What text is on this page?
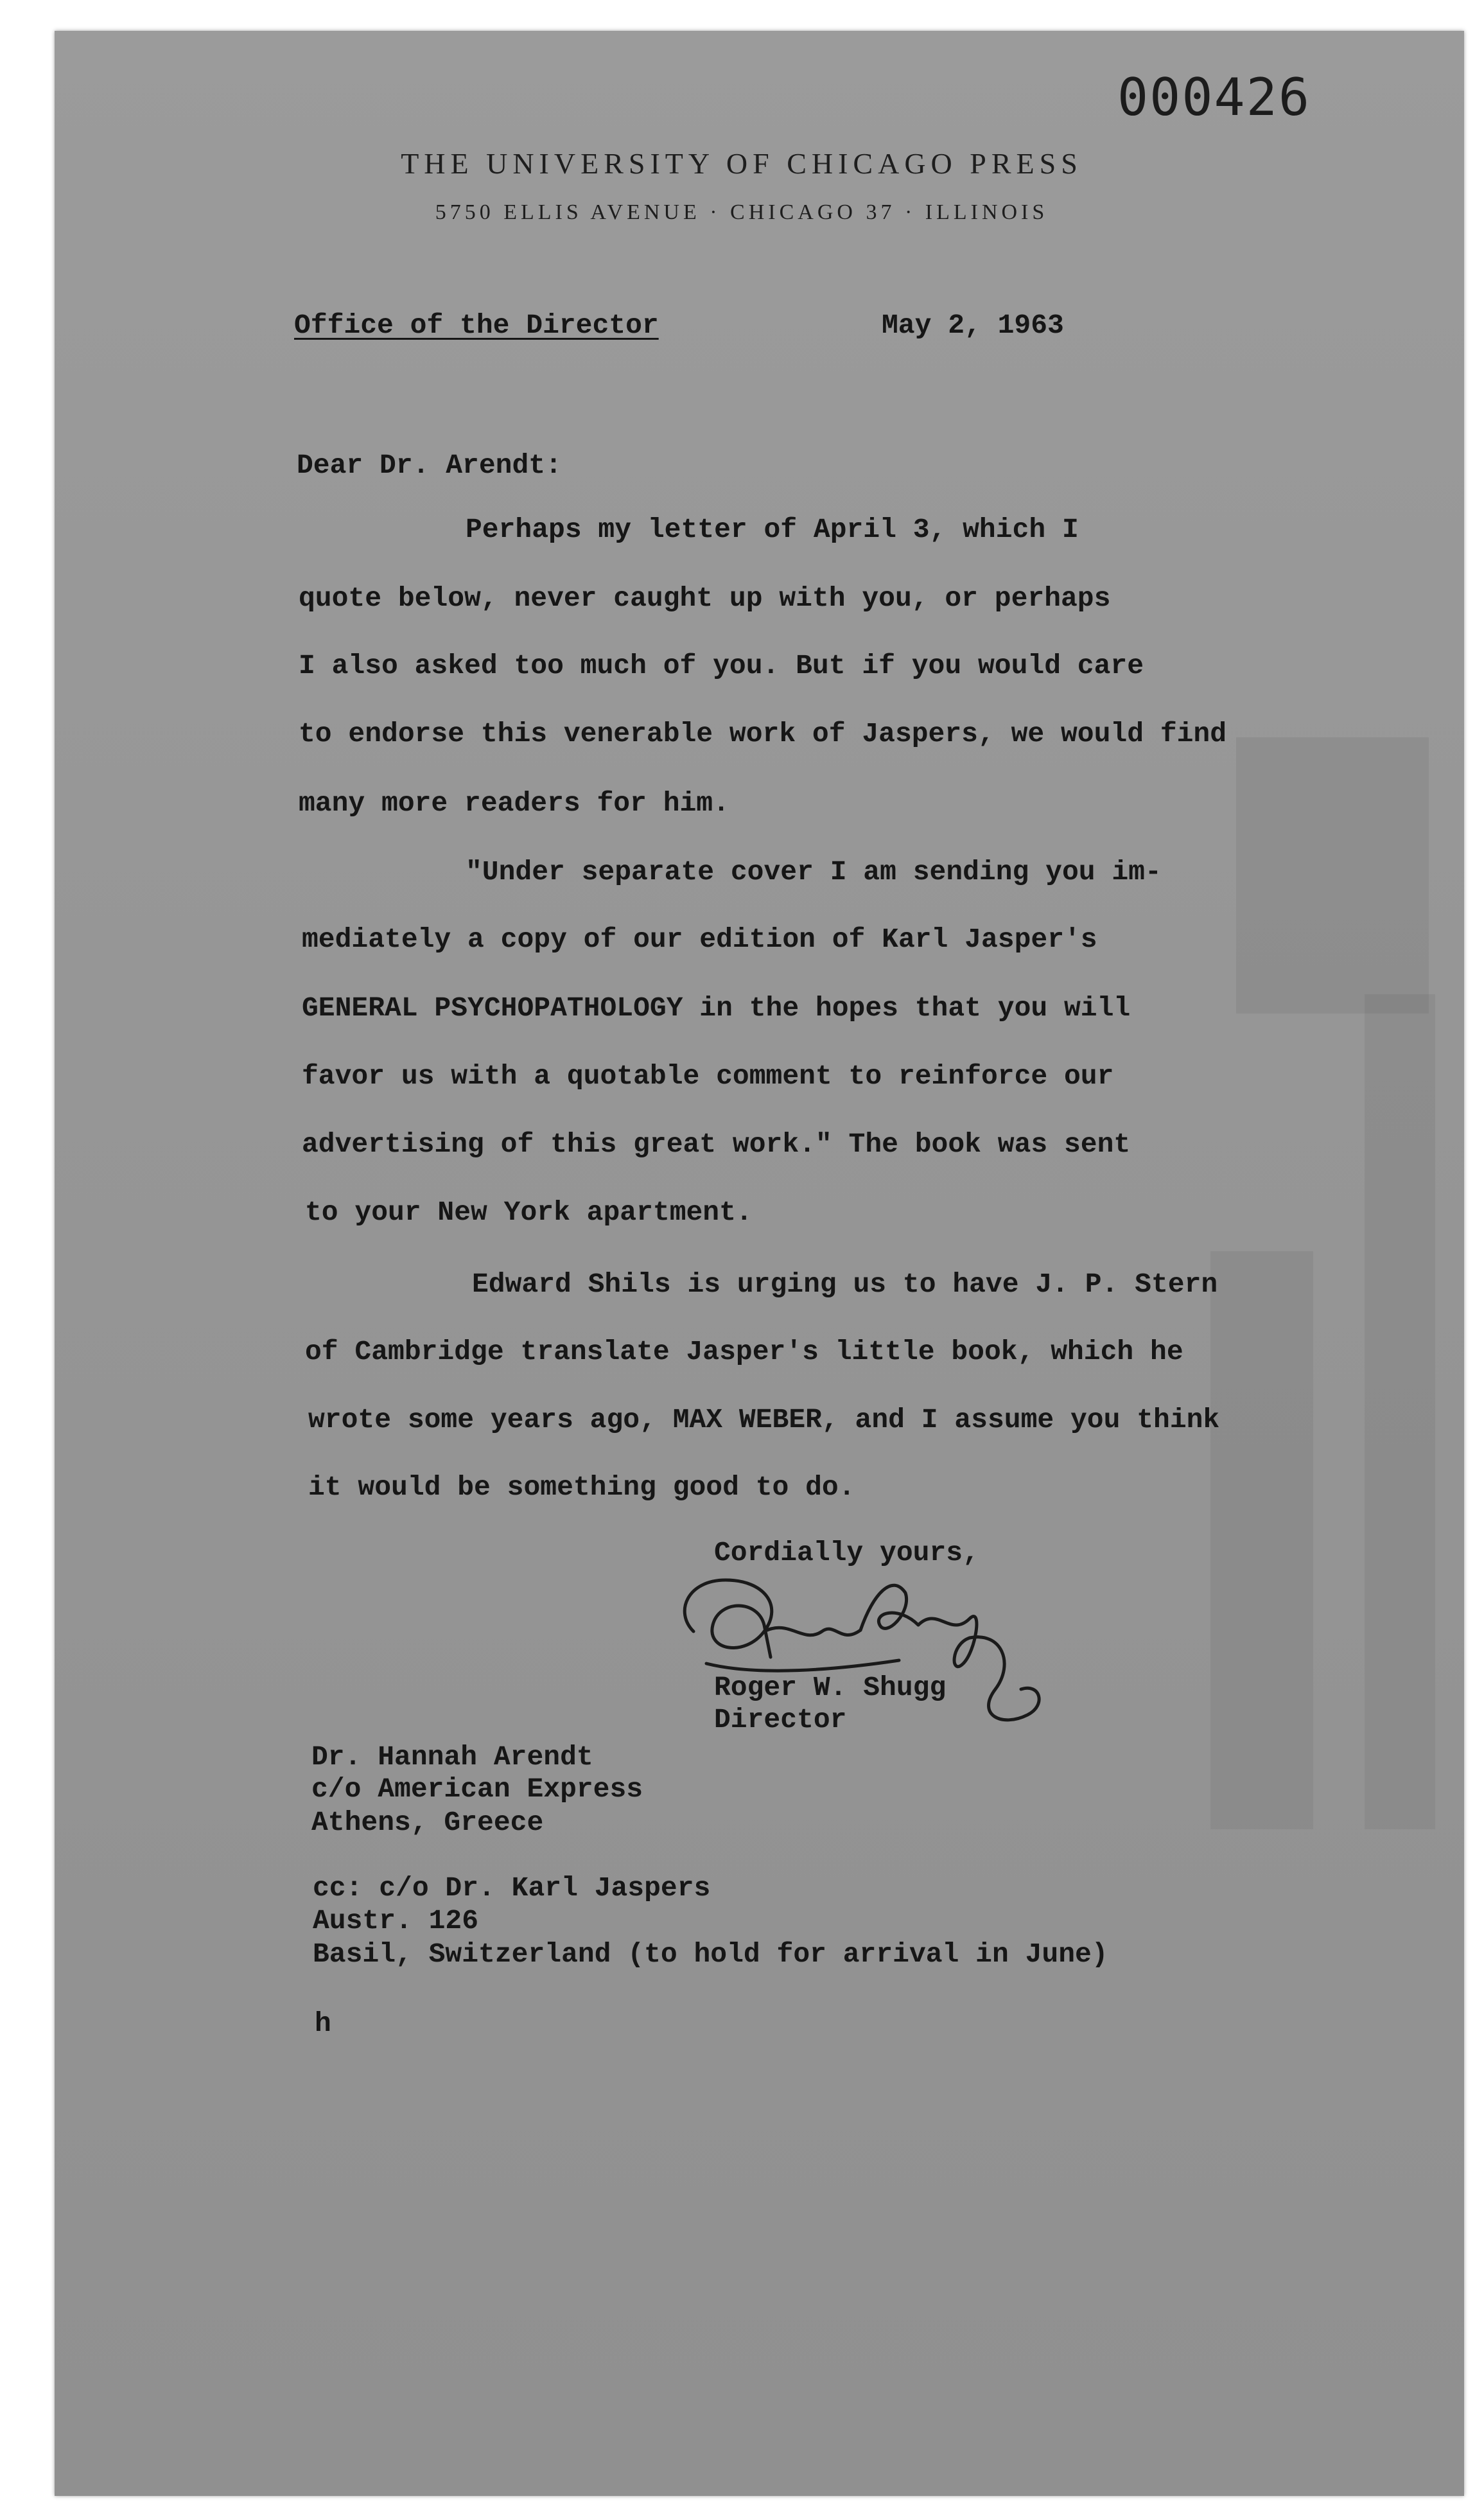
000426
THE UNIVERSITY OF CHICAGO PRESS
5750 ELLIS AVENUE · CHICAGO 37 · ILLINOIS
Office of the Director	May 2, 1963
Dear Dr. Arendt:
Perhaps my letter of April 3, which I
quote below, never caught up with you, or perhaps
I also asked too much of you. But if you would care
to endorse this venerable work of Jaspers, we would find
many more readers for him.
"Under separate cover I am sending you im-
mediately a copy of our edition of Karl Jasper's
GENERAL PSYCHOPATHOLOGY in the hopes that you will
favor us with a quotable comment to reinforce our
advertising of this great work." The book was sent
to your New York apartment.
Edward Shils is urging us to have J. P. Stern
of Cambridge translate Jasper's little book, which he
wrote some years ago, MAX WEBER, and I assume you think
it would be something good to do.
Cordially yours,
Roger W. Shugg
Director
Dr. Hannah Arendt
c/o American Express
Athens, Greece
cc: c/o Dr. Karl Jaspers
Austr. 126
Basil, Switzerland (to hold for arrival in June)
h
